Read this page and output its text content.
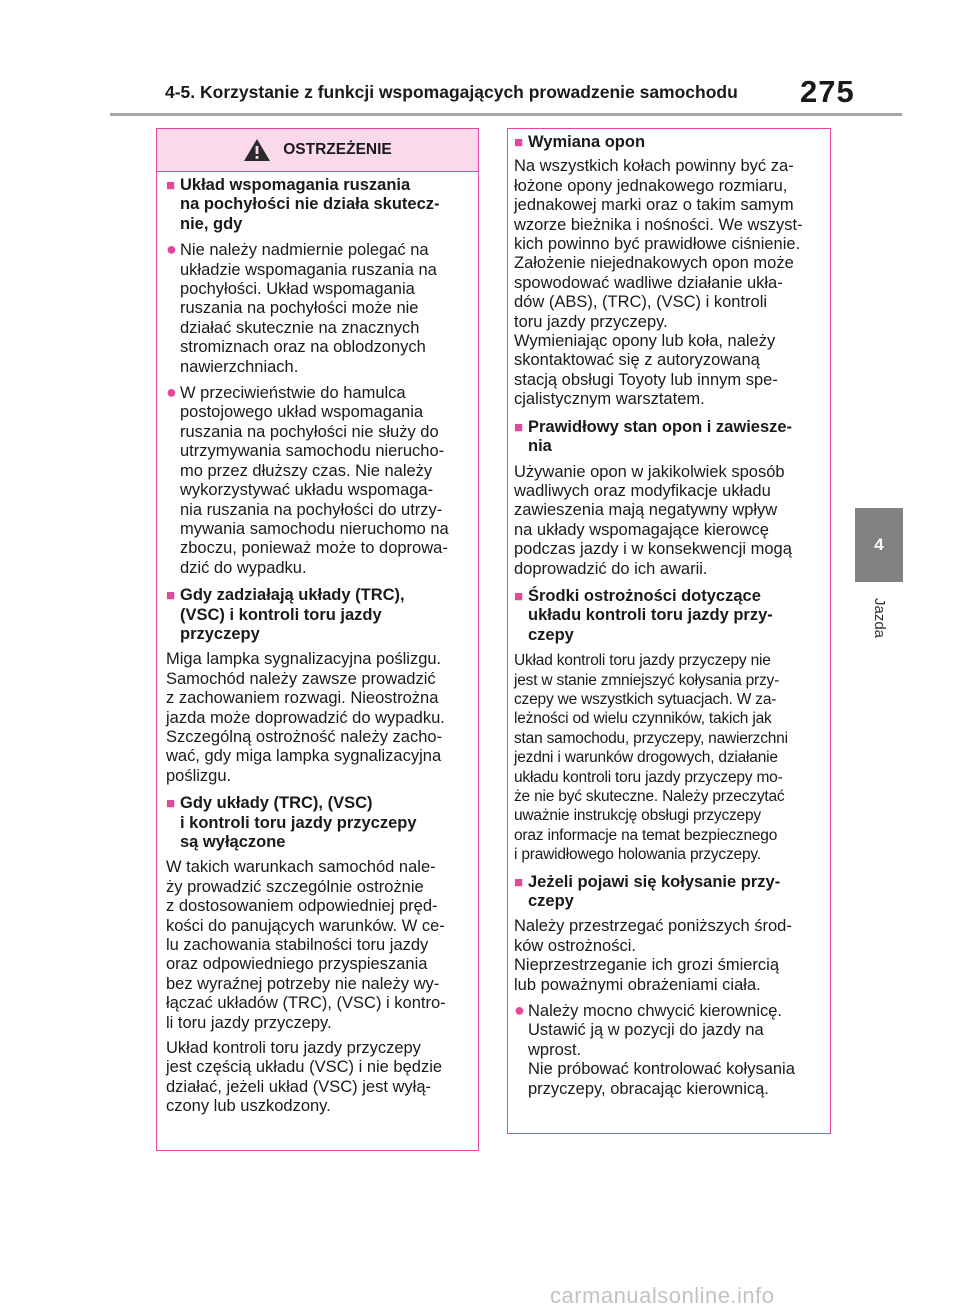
4-5. Korzystanie z funkcji wspomagających prowadzenie samochodu 275
4
Jazda
OSTRZEŻENIE

■ Układ wspomagania ruszania

na pochyłości nie działa skutecz-

nie, gdy

● Nie należy nadmiernie polegać na

układzie wspomagania ruszania na

pochyłości. Układ wspomagania

ruszania na pochyłości może nie

działać skutecznie na znacznych

stromiznach oraz na oblodzonych

nawierzchniach.

● W przeciwieństwie do hamulca

postojowego układ wspomagania

ruszania na pochyłości nie służy do

utrzymywania samochodu nierucho-

mo przez dłuższy czas. Nie należy

wykorzystywać układu wspomaga-

nia ruszania na pochyłości do utrzy-

mywania samochodu nieruchomo na

zboczu, ponieważ może to doprowa-

dzić do wypadku.

■ Gdy zadziałają układy (TRC),

(VSC) i kontroli toru jazdy

przyczepy

Miga lampka sygnalizacyjna poślizgu.

Samochód należy zawsze prowadzić

z zachowaniem rozwagi. Nieostrożna

jazda może doprowadzić do wypadku.

Szczególną ostrożność należy zacho-

wać, gdy miga lampka sygnalizacyjna

poślizgu.

■ Gdy układy (TRC), (VSC)

i kontroli toru jazdy przyczepy

są wyłączone

W takich warunkach samochód nale-

ży prowadzić szczególnie ostrożnie

z dostosowaniem odpowiedniej pręd-

kości do panujących warunków. W ce-

lu zachowania stabilności toru jazdy

oraz odpowiedniego przyspieszania

bez wyraźnej potrzeby nie należy wy-

łączać układów (TRC), (VSC) i kontro-

li toru jazdy przyczepy.

Układ kontroli toru jazdy przyczepy

jest częścią układu (VSC) i nie będzie

działać, jeżeli układ (VSC) jest wyłą-

czony lub uszkodzony.

■ Wymiana opon

Na wszystkich kołach powinny być za-

łożone opony jednakowego rozmiaru,

jednakowej marki oraz o takim samym

wzorze bieżnika i nośności. We wszyst-

kich powinno być prawidłowe ciśnienie.

Założenie niejednakowych opon może

spowodować wadliwe działanie ukła-

dów (ABS), (TRC), (VSC) i kontroli

toru jazdy przyczepy.

Wymieniając opony lub koła, należy

skontaktować się z autoryzowaną

stacją obsługi Toyoty lub innym spe-

cjalistycznym warsztatem.

■ Prawidłowy stan opon i zawiesze-

nia

Używanie opon w jakikolwiek sposób

wadliwych oraz modyfikacje układu

zawieszenia mają negatywny wpływ

na układy wspomagające kierowcę

podczas jazdy i w konsekwencji mogą

doprowadzić do ich awarii.

■ Środki ostrożności dotyczące

układu kontroli toru jazdy przy-

czepy

Układ kontroli toru jazdy przyczepy nie

jest w stanie zmniejszyć kołysania przy-

czepy we wszystkich sytuacjach. W za-

leżności od wielu czynników, takich jak

stan samochodu, przyczepy, nawierzchni

jezdni i warunków drogowych, działanie

układu kontroli toru jazdy przyczepy mo-

że nie być skuteczne. Należy przeczytać

uważnie instrukcję obsługi przyczepy

oraz informacje na temat bezpiecznego

i prawidłowego holowania przyczepy.

■ Jeżeli pojawi się kołysanie przy-

czepy

Należy przestrzegać poniższych środ-

ków ostrożności.

Nieprzestrzeganie ich grozi śmiercią

lub poważnymi obrażeniami ciała.

● Należy mocno chwycić kierownicę.

Ustawić ją w pozycji do jazdy na

wprost.

Nie próbować kontrolować kołysania

przyczepy, obracając kierownicą.

carmanualsonline.info
